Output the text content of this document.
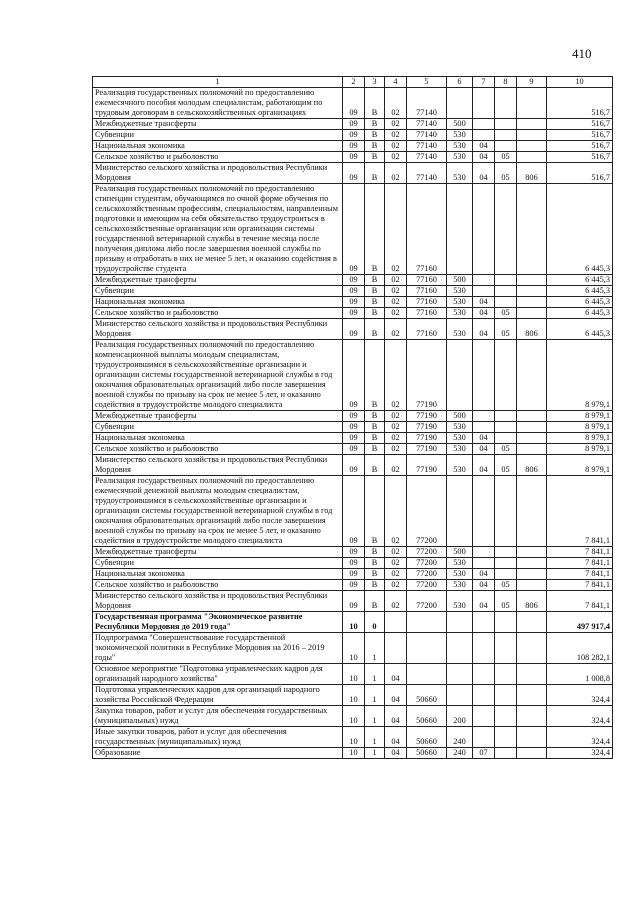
410
1	2	3	4	5	6	7	8	9	10
Реализация государственных полномочий по предоставлению ежемесячного пособия молодым специалистам, работающим по трудовым договорам в сельскохозяйственных организациях	09	В	02	77140					516,7
Межбюджетные трансферты	09	В	02	77140	500				516,7
Субвенции	09	В	02	77140	530				516,7
Национальная экономика	09	В	02	77140	530	04			516,7
Сельское хозяйство и рыболовство	09	В	02	77140	530	04	05		516,7
Министерство сельского хозяйства и продовольствия Республики Мордовия	09	В	02	77140	530	04	05	806	516,7
Реализация государственных полномочий по предоставлению стипендии студентам, обучающимся по очной форме обучения по сельскохозяйственным профессиям, специальностям, направленным подготовки и имеющим на себя обязательство трудоустроиться в сельскохозяйственные организации или организации системы государственной ветеринарной службы в течение месяца после получения диплома либо после завершения военной службы по призыву и отработать в них не менее 5 лет, и оказанию содействия в трудоустройстве студента	09	В	02	77160					6 445,3
Межбюджетные трансферты	09	В	02	77160	500				6 445,3
Субвенции	09	В	02	77160	530				6 445,3
Национальная экономика	09	В	02	77160	530	04			6 445,3
Сельское хозяйство и рыболовство	09	В	02	77160	530	04	05		6 445,3
Министерство сельского хозяйства и продовольствия Республики Мордовия	09	В	02	77160	530	04	05	806	6 445,3
Реализация государственных полномочий по предоставлению компенсационной выплаты молодым специалистам, трудоустроившимся в сельскохозяйственные организации и организации системы государственной ветеринарной службы в год окончания образовательных организаций либо после завершения военной службы по призыву на срок не менее 5 лет, и оказанию содействия в трудоустройстве молодого специалиста	09	В	02	77190					8 979,1
Межбюджетные трансферты	09	В	02	77190	500				8 979,1
Субвенции	09	В	02	77190	530				8 979,1
Национальная экономика	09	В	02	77190	530	04			8 979,1
Сельское хозяйство и рыболовство	09	В	02	77190	530	04	05		8 979,1
Министерство сельского хозяйства и продовольствия Республики Мордовия	09	В	02	77190	530	04	05	806	8 979,1
Реализация государственных полномочий по предоставлению ежемесячной денежной выплаты молодым специалистам, трудоустроившимся в сельскохозяйственные организации и организации системы государственной ветеринарной службы в год окончания образовательных организаций либо после завершения военной службы по призыву на срок не менее 5 лет, и оказанию содействия в трудоустройстве молодого специалиста	09	В	02	77200					7 841,1
Межбюджетные трансферты	09	В	02	77200	500				7 841,1
Субвенции	09	В	02	77200	530				7 841,1
Национальная экономика	09	В	02	77200	530	04			7 841,1
Сельское хозяйство и рыболовство	09	В	02	77200	530	04	05		7 841,1
Министерство сельского хозяйства и продовольствия Республики Мордовия	09	В	02	77200	530	04	05	806	7 841,1
Государственная программа "Экономическое развитие Республики Мордовия до 2019 года"	10	0							497 917,4
Подпрограмма "Совершенствование государственной экономической политики в Республике Мордовия на 2016 – 2019 годы"	10	1							108 282,1
Основное мероприятие "Подготовка управленческих кадров для организаций народного хозяйства"	10	1	04						1 008,8
Подготовка управленческих кадров для организаций народного хозяйства Российской Федерации	10	1	04	50660					324,4
Закупка товаров, работ и услуг для обеспечения государственных (муниципальных) нужд	10	1	04	50660	200				324,4
Иные закупки товаров, работ и услуг для обеспечения государственных (муниципальных) нужд	10	1	04	50660	240				324,4
Образование	10	1	04	50660	240	07			324,4
